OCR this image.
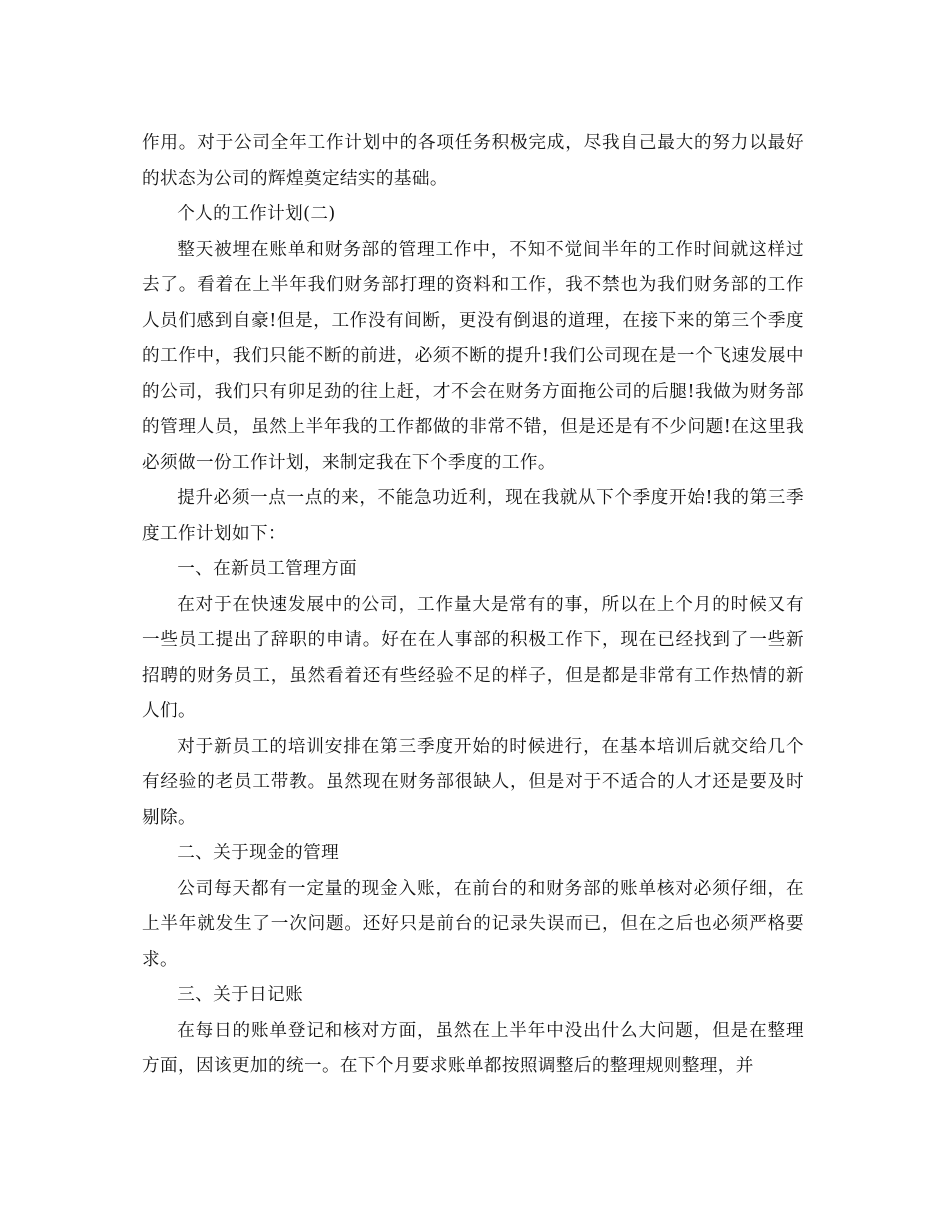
作用。对于公司全年工作计划中的各项任务积极完成，尽我自己最大的努力以最好的状态为公司的辉煌奠定结实的基础。

个人的工作计划(二)

整天被埋在账单和财务部的管理工作中，不知不觉间半年的工作时间就这样过去了。看着在上半年我们财务部打理的资料和工作，我不禁也为我们财务部的工作人员们感到自豪!但是，工作没有间断，更没有倒退的道理，在接下来的第三个季度的工作中，我们只能不断的前进，必须不断的提升!我们公司现在是一个飞速发展中的公司，我们只有卯足劲的往上赶，才不会在财务方面拖公司的后腿!我做为财务部的管理人员，虽然上半年我的工作都做的非常不错，但是还是有不少问题!在这里我必须做一份工作计划，来制定我在下个季度的工作。

提升必须一点一点的来，不能急功近利，现在我就从下个季度开始!我的第三季度工作计划如下：

一、在新员工管理方面

在对于在快速发展中的公司，工作量大是常有的事，所以在上个月的时候又有一些员工提出了辞职的申请。好在在人事部的积极工作下，现在已经找到了一些新招聘的财务员工，虽然看着还有些经验不足的样子，但是都是非常有工作热情的新人们。

对于新员工的培训安排在第三季度开始的时候进行，在基本培训后就交给几个有经验的老员工带教。虽然现在财务部很缺人，但是对于不适合的人才还是要及时剔除。

二、关于现金的管理

公司每天都有一定量的现金入账，在前台的和财务部的账单核对必须仔细，在上半年就发生了一次问题。还好只是前台的记录失误而已，但在之后也必须严格要求。

三、关于日记账

在每日的账单登记和核对方面，虽然在上半年中没出什么大问题，但是在整理方面，因该更加的统一。在下个月要求账单都按照调整后的整理规则整理，并
